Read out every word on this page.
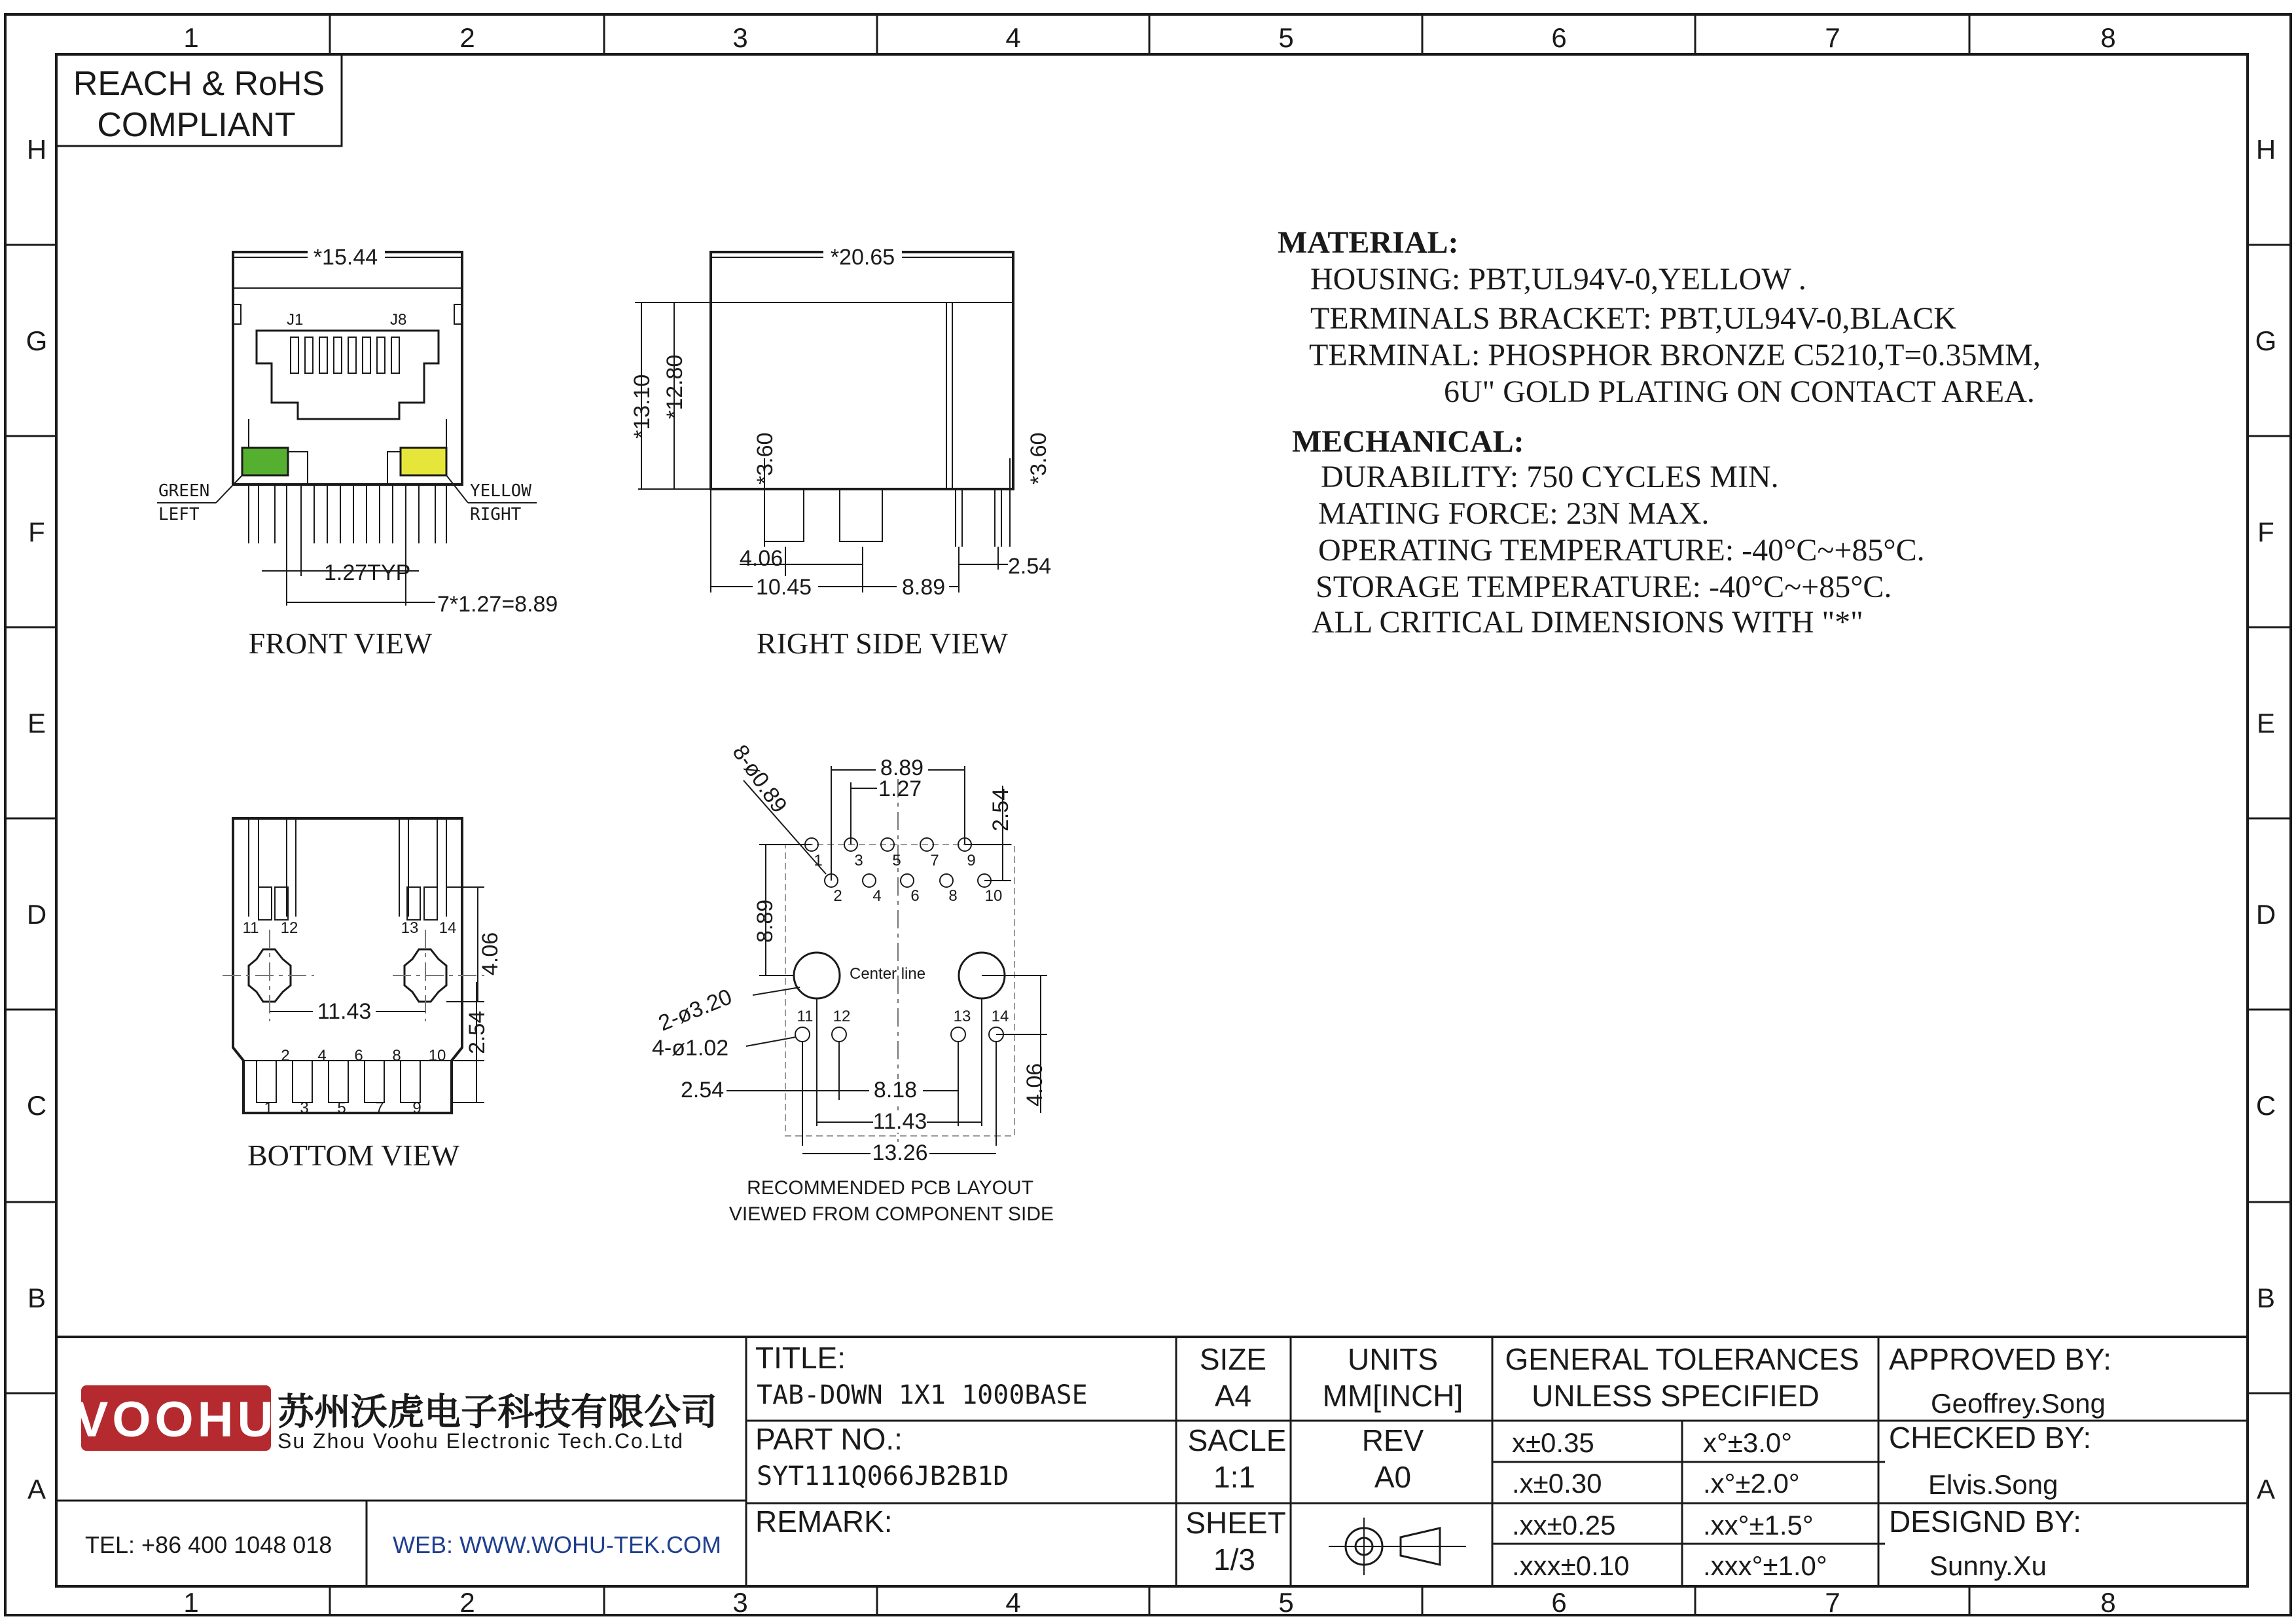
1	2	3	4	5	6	7	8
1	2	3	4	5	6	7	8
H
G
F
E
D
C
B
A
H
G
F
E
D
C
B
A
REACH & RoHS
COMPLIANT
J1	J8
*15.44
GREEN
LEFT
YELLOW
RIGHT
1.27TYP
7*1.27=8.89
FRONT VIEW
*20.65
*13.10 *12.80
*3.60	*3.60
4.06
10.45	8.89
2.54
RIGHT SIDE VIEW
11 12	13 14
2 4 6 8 10
1 3 5 7 9
11.43
4.06
2.54
BOTTOM VIEW
1 3 5 7 9
2 4 6 8 10
Center line
11 12	13 14
8.89
1.27	2.54
8.89
8-ø0.89
2-ø3.20
4-ø1.02
2.54	8.18
11.43
13.26
4.06
RECOMMENDED PCB LAYOUT
VIEWED FROM COMPONENT SIDE
MATERIAL:
HOUSING: PBT,UL94V-0,YELLOW .
TERMINALS BRACKET: PBT,UL94V-0,BLACK
TERMINAL: PHOSPHOR BRONZE C5210,T=0.35MM,
6U" GOLD PLATING ON CONTACT AREA.
MECHANICAL:
DURABILITY: 750 CYCLES MIN.
MATING FORCE: 23N MAX.
OPERATING TEMPERATURE: -40°C~+85°C.
STORAGE TEMPERATURE: -40°C~+85°C.
ALL CRITICAL DIMENSIONS WITH "*"
VOOHU 苏州沃虎电子科技有限公司
Su Zhou Voohu Electronic Tech.Co.Ltd
TEL: +86 400 1048 018	WEB: WWW.WOHU-TEK.COM
TITLE:
TAB-DOWN 1X1 1000BASE
PART NO.:
SYT111Q066JB2B1D
REMARK:
SIZE
A4
UNITS
MM[INCH]
SACLE
1:1
REV
A0
SHEET
1/3
GENERAL TOLERANCES
UNLESS SPECIFIED
x±0.35	x°±3.0°
.x±0.30	.x°±2.0°
.xx±0.25	.xx°±1.5°
.xxx±0.10	.xxx°±1.0°
APPROVED BY:
Geoffrey.Song
CHECKED BY:
Elvis.Song
DESIGND BY:
Sunny.Xu
